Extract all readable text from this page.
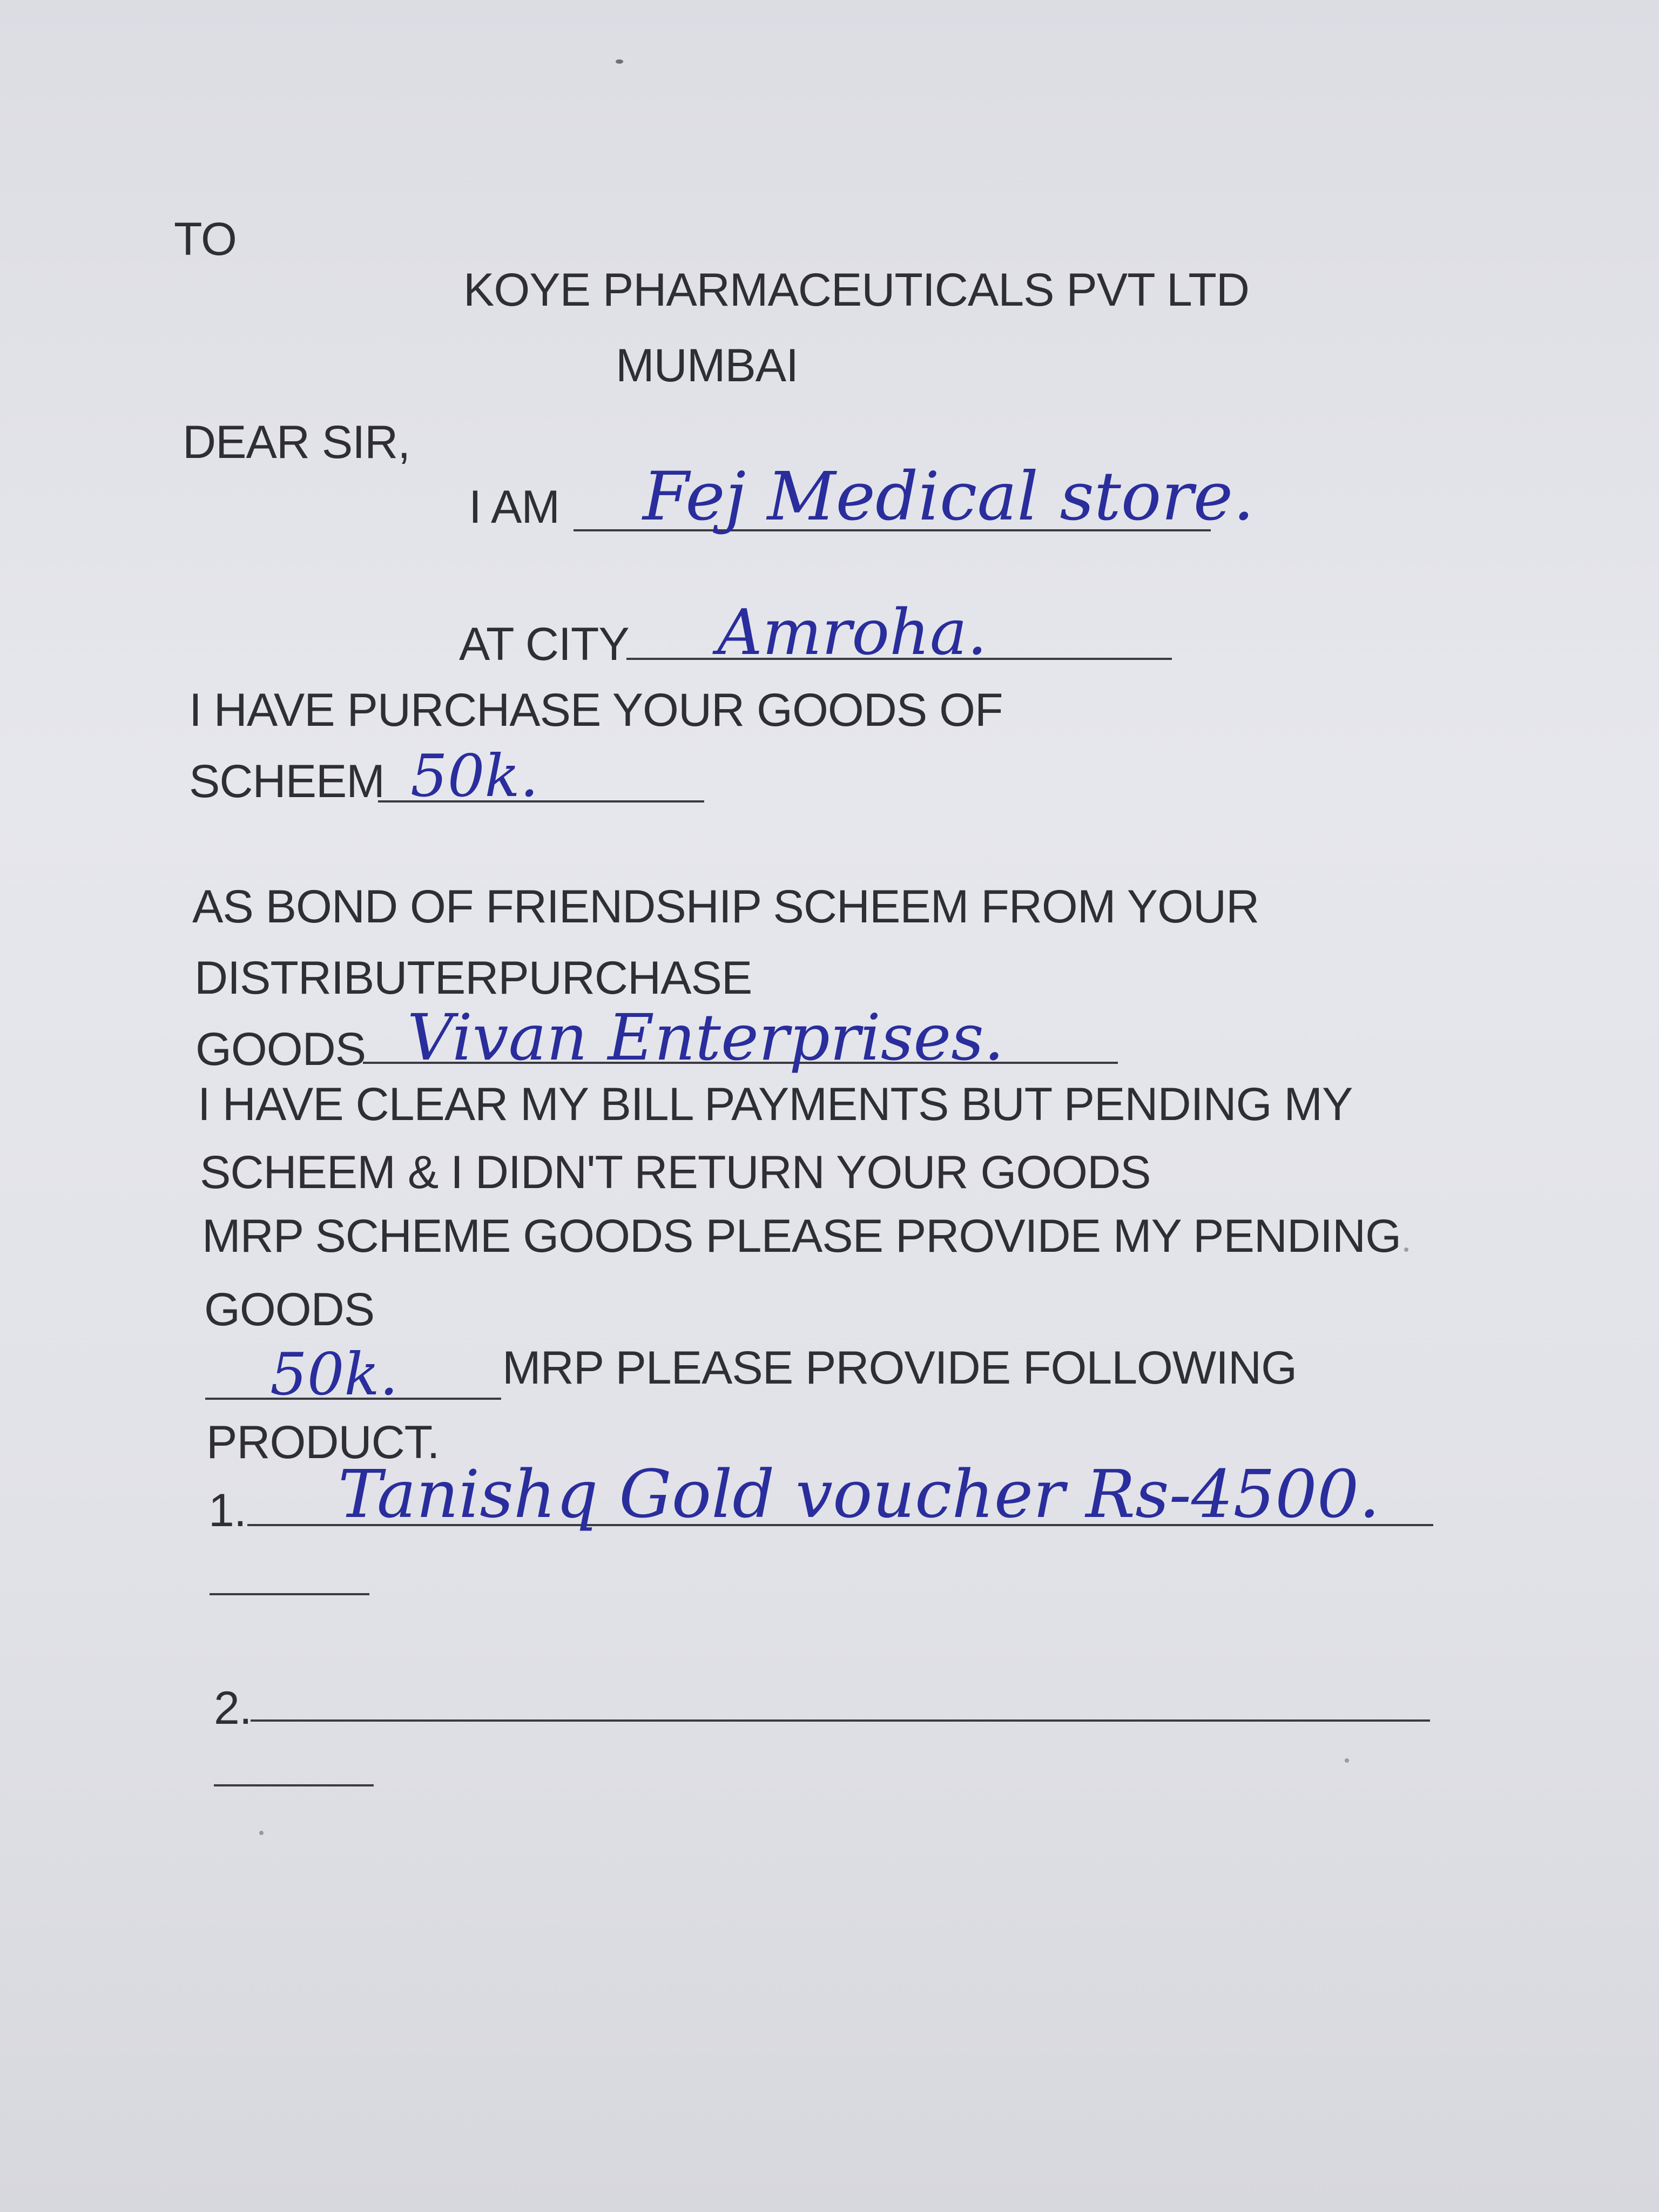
TO
KOYE PHARMACEUTICALS PVT LTD
MUMBAI
DEAR SIR,
I AM Fej Medical store.
AT CITY Amroha.
I HAVE PURCHASE YOUR GOODS OF
SCHEEM 50k.
AS BOND OF FRIENDSHIP SCHEEM FROM YOUR
DISTRIBUTERPURCHASE
GOODS Vivan Enterprises.
I HAVE CLEAR MY BILL PAYMENTS BUT PENDING MY
SCHEEM & I DIDN'T RETURN YOUR GOODS
MRP SCHEME GOODS PLEASE PROVIDE MY PENDING
GOODS
50k. MRP PLEASE PROVIDE FOLLOWING
PRODUCT.
1. Tanishq Gold voucher Rs-4500.
2.
